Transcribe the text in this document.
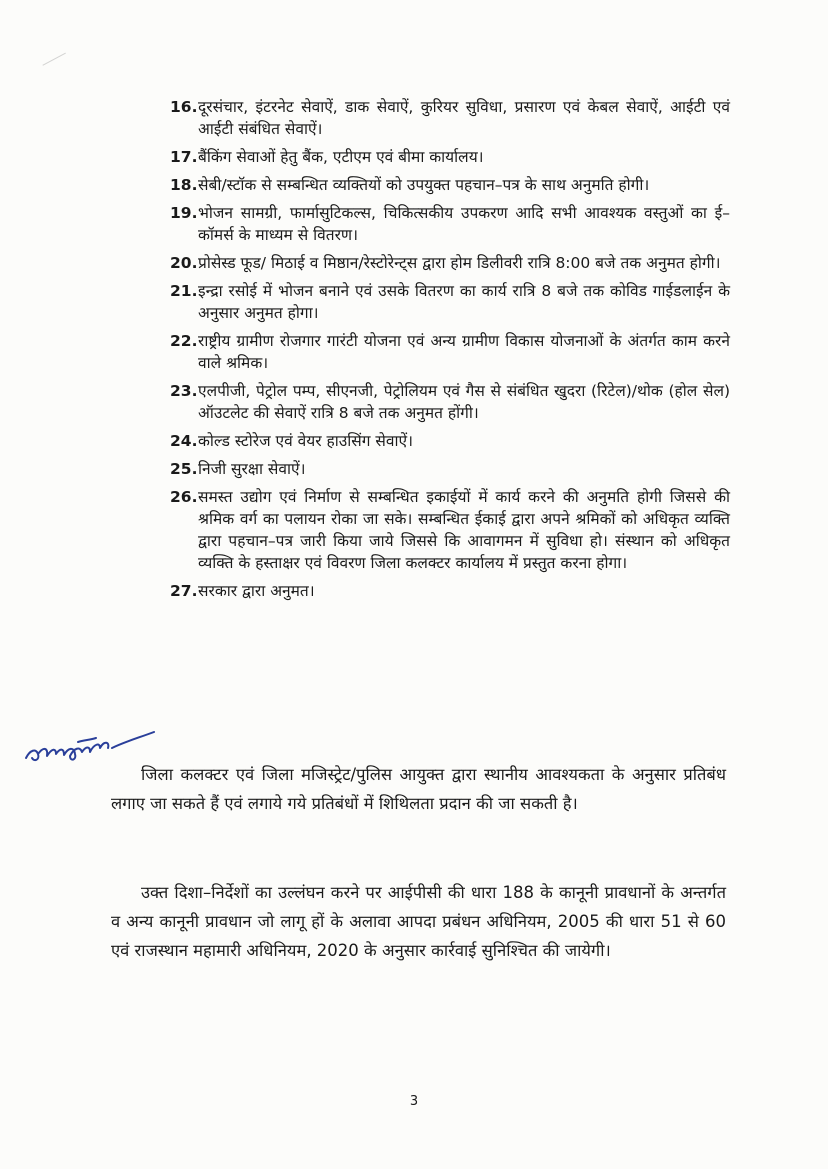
16. दूरसंचार, इंटरनेट सेवाऐं, डाक सेवाऐं, कुरियर सुविधा, प्रसारण एवं केबल सेवाऐं, आईटी एवं आईटी संबंधित सेवाऐं।
17. बैंकिंग सेवाओं हेतु बैंक, एटीएम एवं बीमा कार्यालय।
18. सेबी/स्टॉक से सम्बन्धित व्यक्तियों को उपयुक्त पहचान–पत्र के साथ अनुमति होगी।
19. भोजन सामग्री, फार्मासुटिकल्स, चिकित्सकीय उपकरण आदि सभी आवश्यक वस्तुओं का ई–कॉमर्स के माध्यम से वितरण।
20. प्रोसेस्ड फूड/ मिठाई व मिष्ठान/रेस्टोरेन्ट्स द्वारा होम डिलीवरी रात्रि 8:00 बजे तक अनुमत होगी।
21. इन्द्रा रसोई में भोजन बनाने एवं उसके वितरण का कार्य रात्रि 8 बजे तक कोविड गाईडलाईन के अनुसार अनुमत होगा।
22. राष्ट्रीय ग्रामीण रोजगार गारंटी योजना एवं अन्य ग्रामीण विकास योजनाओं के अंतर्गत काम करने वाले श्रमिक।
23. एलपीजी, पेट्रोल पम्प, सीएनजी, पेट्रोलियम एवं गैस से संबंधित खुदरा (रिटेल)/थोक (होल सेल) ऑउटलेट की सेवाऐं रात्रि 8 बजे तक अनुमत होंगी।
24. कोल्ड स्टोरेज एवं वेयर हाउसिंग सेवाऐं।
25. निजी सुरक्षा सेवाऐं।
26. समस्त उद्योग एवं निर्माण से सम्बन्धित इकाईयों में कार्य करने की अनुमति होगी जिससे की श्रमिक वर्ग का पलायन रोका जा सके। सम्बन्धित ईकाई द्वारा अपने श्रमिकों को अधिकृत व्यक्ति द्वारा पहचान–पत्र जारी किया जाये जिससे कि आवागमन में सुविधा हो। संस्थान को अधिकृत व्यक्ति के हस्ताक्षर एवं विवरण जिला कलक्टर कार्यालय में प्रस्तुत करना होगा।
27. सरकार द्वारा अनुमत।

जिला कलक्टर एवं जिला मजिस्ट्रेट/पुलिस आयुक्त द्वारा स्थानीय आवश्यकता के अनुसार प्रतिबंध लगाए जा सकते हैं एवं लगाये गये प्रतिबंधों में शिथिलता प्रदान की जा सकती है।

उक्त दिशा–निर्देशों का उल्लंघन करने पर आईपीसी की धारा 188 के कानूनी प्रावधानों के अन्तर्गत व अन्य कानूनी प्रावधान जो लागू हों के अलावा आपदा प्रबंधन अधिनियम, 2005 की धारा 51 से 60 एवं राजस्थान महामारी अधिनियम, 2020 के अनुसार कार्रवाई सुनिश्चित की जायेगी।

3
